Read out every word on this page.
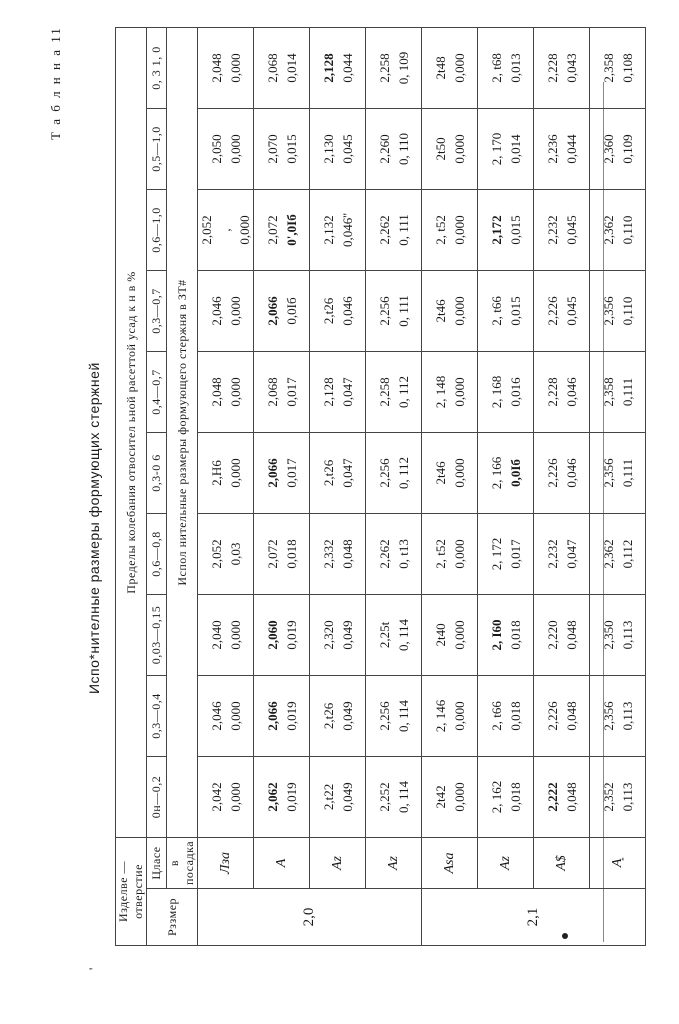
Т а б л н н а 11
Испо*нителные размеры формующих стержней
'
Изделве — отверстие		Пределы колебания отвоcител ьной расеттой усад к н в %									
Рззмер	Цласе	0н—0,2	0,3—0,4	0,03—0,15	0,6—0,8	0,3-0 6	0,4—0,7	0,3—0,7	0,6—1,0	0,5—1,0	0, 3 1, 0
	в посадка	Испол нительные размеры формующего стержня в ЗТ#									
2,0	Лза	2,042 0,000	2,046 0,000	2,040 0,000	2,052 0,03	2,Н6 0,000	2,048 0,000	2,046 0,000	2,052 , 0,000	2,050 0,000	2,048 0,000

	А	2,062 0,019	2,066 0,019	2,060 0,019	2,072 0,018	2,066 0,017	2,068 0,017	2,066 0,0Іб	2,072 0',0Іб	2,070 0,015	2,068 0,014

	Аz	2,t22 0,049	2,t26 0,049	2,320 0,049	2,332 0,048	2,t26 0,047	2,128 0,047	2,t26 0,046	2,132 0,046''	2,130 0,045	2,128 0,044

	Аz	2,252 0, 114	2,256 0, 114	2,25t 0, 114	2,262 0, t13	2,256 0, 112	2,258 0, 112	2,256 0, 111	2,262 0, 111	2,260 0, 110	2,258 0, 109

2,1	Аsa	2t42 0,000	2, 146 0,000	2t40 0,000	2, t52 0,000	2t46 0,000	2, 148 0,000	2t46 0,000	2, t52 0,000	2t50 0,000	2t48 0,000

	Аz	2, 162 0,018	2, t66 0,018	2, І60 0,018	2, 172 0,017	2, 166 0,0Іб	2, 168 0,016	2, t66 0,015	2,172 0,015	2, 170 0,014	2, t68 0,013

	А$	2,222 0,048	2,226 0,048	2,220 0,048	2,232 0,047	2,226 0,046	2,228 0,046	2,226 0,045	2,232 0,045	2,236 0,044	2,228 0,043

	А͙	2,352 0,113	2,356 0,113	2,350 0,113	2,362 0,112	2,356 0,111	2,358 0,111	2,356 0,110	2,362 0,110	2,360 0,109	2,358 0,108
